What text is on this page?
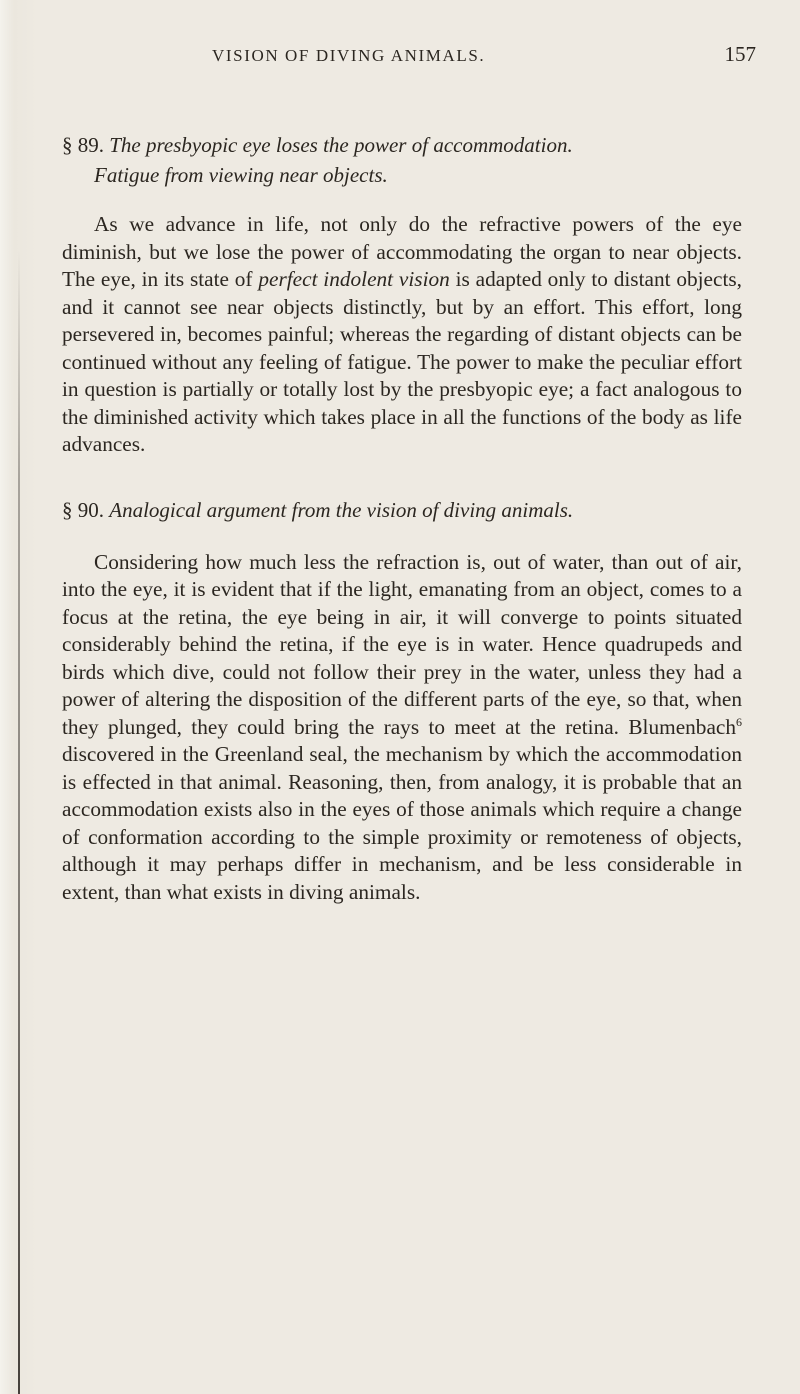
VISION OF DIVING ANIMALS.	157
§ 89. The presbyopic eye loses the power of accommodation.
Fatigue from viewing near objects.

As we advance in life, not only do the refractive powers of the eye diminish, but we lose the power of accommodating the organ to near objects. The eye, in its state of perfect indolent vision is adapted only to distant objects, and it cannot see near objects distinctly, but by an effort. This effort, long persevered in, becomes painful; whereas the regarding of distant objects can be continued without any feeling of fatigue. The power to make the peculiar effort in question is partially or totally lost by the presbyopic eye; a fact analogous to the diminished activity which takes place in all the functions of the body as life advances.

§ 90. Analogical argument from the vision of diving animals.

Considering how much less the refraction is, out of water, than out of air, into the eye, it is evident that if the light, emanating from an object, comes to a focus at the retina, the eye being in air, it will converge to points situated considerably behind the retina, if the eye is in water. Hence quadrupeds and birds which dive, could not follow their prey in the water, unless they had a power of altering the disposition of the different parts of the eye, so that, when they plunged, they could bring the rays to meet at the retina. Blumenbach$^6$ discovered in the Greenland seal, the mechanism by which the accommodation is effected in that animal. Reasoning, then, from analogy, it is probable that an accommodation exists also in the eyes of those animals which require a change of conformation according to the simple proximity or remoteness of objects, although it may perhaps differ in mechanism, and be less considerable in extent, than what exists in diving animals.
